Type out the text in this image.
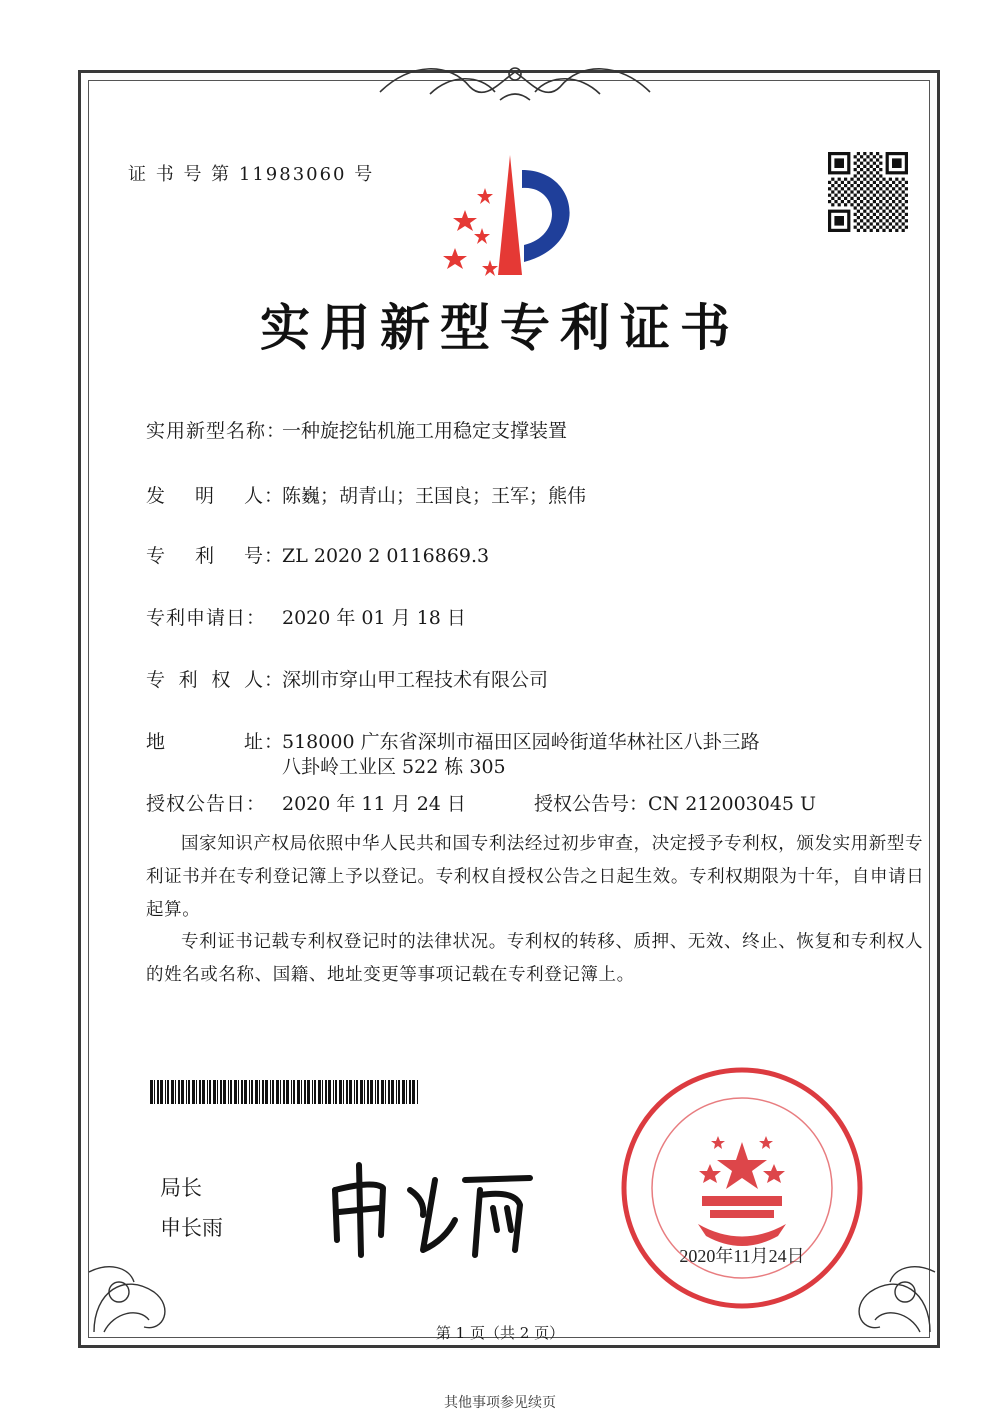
证 书 号 第 11983060 号
实用新型专利证书
实用新型名称：一种旋挖钻机施工用稳定支撑装置
发 明 人 ：陈巍；胡青山；王国良；王军；熊伟
专 利 号 ：ZL 2020 2 0116869.3
专利申请日： 2020 年 01 月 18 日
专 利 权 人 ：深圳市穿山甲工程技术有限公司
地	址 ：518000 广东省深圳市福田区园岭街道华林社区八卦三路
八卦岭工业区 522 栋 305
授权公告日： 2020 年 11 月 24 日	授权公告号：CN 212003045 U
国家知识产权局依照中华人民共和国专利法经过初步审查，决定授予专利权，颁发实用新型专利证书并在专利登记簿上予以登记。专利权自授权公告之日起生效。专利权期限为十年，自申请日起算。
专利证书记载专利权登记时的法律状况。专利权的转移、质押、无效、终止、恢复和专利权人的姓名或名称、国籍、地址变更等事项记载在专利登记簿上。
局长
申长雨
2020年11月24日
第 1 页（共 2 页）
其他事项参见续页
